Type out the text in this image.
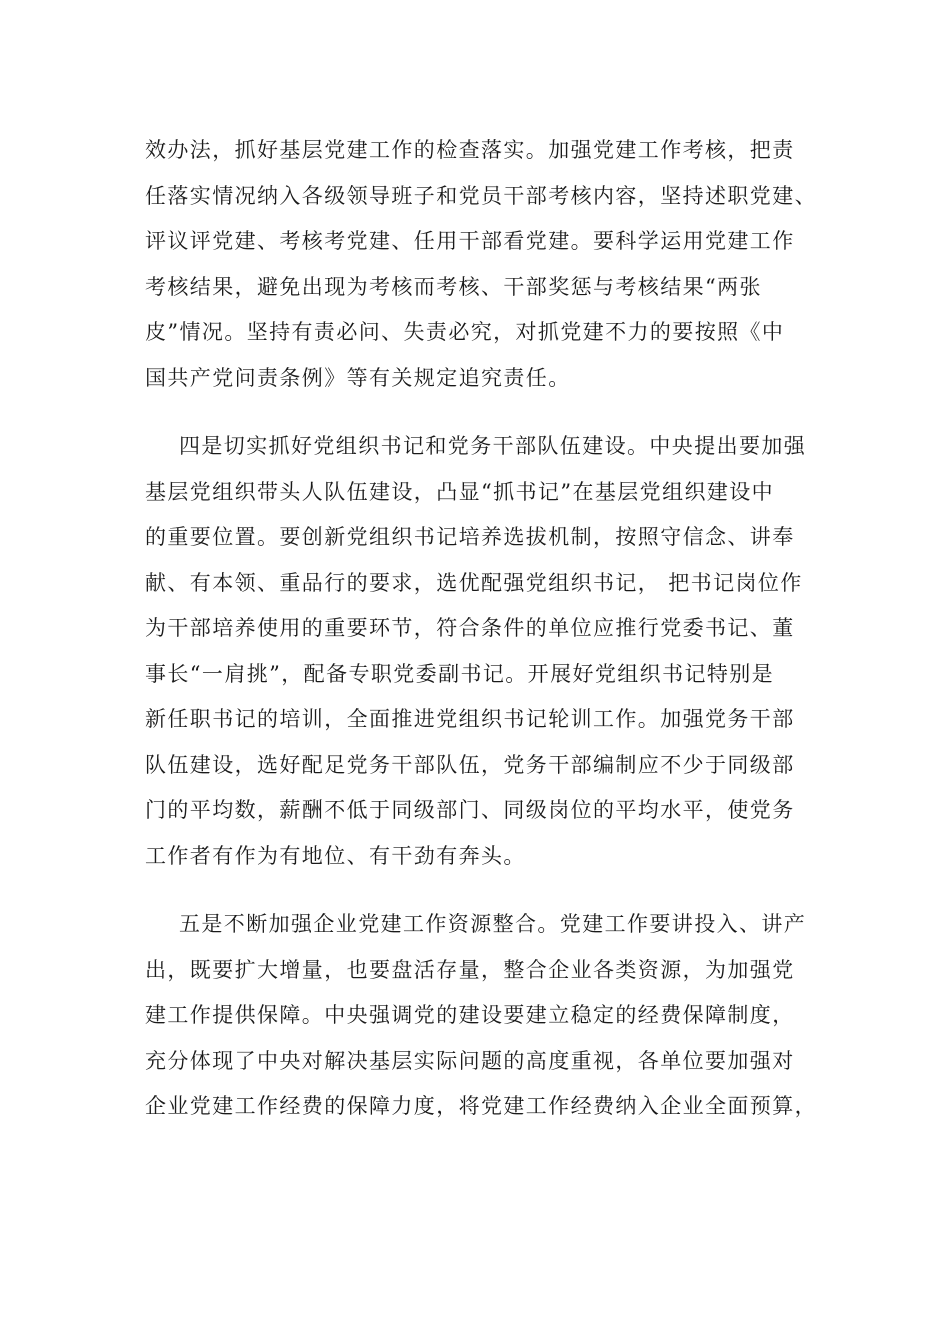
效办法，抓好基层党建工作的检查落实。加强党建工作考核，把责
任落实情况纳入各级领导班子和党员干部考核内容，坚持述职党建、
评议评党建、考核考党建、任用干部看党建。要科学运用党建工作
考核结果，避免出现为考核而考核、干部奖惩与考核结果“两张
皮”情况。坚持有责必问、失责必究，对抓党建不力的要按照《中
国共产党问责条例》等有关规定追究责任。
四是切实抓好党组织书记和党务干部队伍建设。中央提出要加强
基层党组织带头人队伍建设，凸显“抓书记”在基层党组织建设中
的重要位置。要创新党组织书记培养选拔机制，按照守信念、讲奉
献、有本领、重品行的要求，选优配强党组织书记， 把书记岗位作
为干部培养使用的重要环节，符合条件的单位应推行党委书记、董
事长“一肩挑”，配备专职党委副书记。开展好党组织书记特别是
新任职书记的培训，全面推进党组织书记轮训工作。加强党务干部
队伍建设，选好配足党务干部队伍，党务干部编制应不少于同级部
门的平均数，薪酬不低于同级部门、同级岗位的平均水平，使党务
工作者有作为有地位、有干劲有奔头。
五是不断加强企业党建工作资源整合。党建工作要讲投入、讲产
出，既要扩大增量，也要盘活存量，整合企业各类资源，为加强党
建工作提供保障。中央强调党的建设要建立稳定的经费保障制度，
充分体现了中央对解决基层实际问题的高度重视，各单位要加强对
企业党建工作经费的保障力度，将党建工作经费纳入企业全面预算，
